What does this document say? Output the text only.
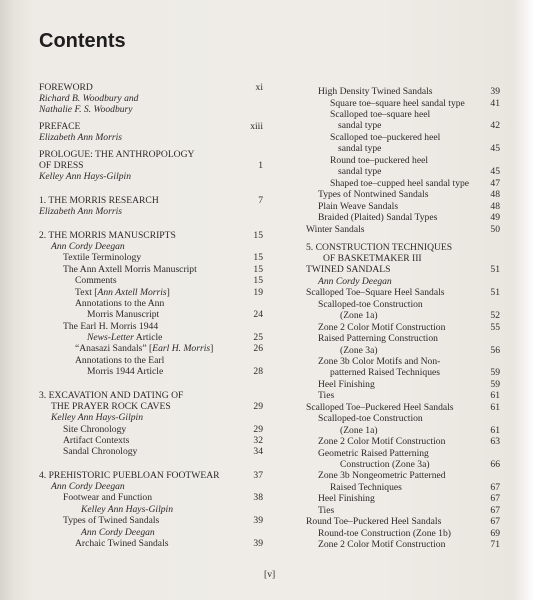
Contents
FOREWORD	xi
Richard B. Woodbury and
Nathalie F. S. Woodbury
PREFACE	xiii
Elizabeth Ann Morris
PROLOGUE: THE ANTHROPOLOGY
OF DRESS	1
Kelley Ann Hays-Gilpin
1. THE MORRIS RESEARCH	7
Elizabeth Ann Morris
2. THE MORRIS MANUSCRIPTS	15
Ann Cordy Deegan
Textile Terminology	15
The Ann Axtell Morris Manuscript	15
Comments	15
Text [Ann Axtell Morris]	19
Annotations to the Ann
Morris Manuscript	24
The Earl H. Morris 1944
News-Letter Article	25
“Anasazi Sandals” [Earl H. Morris]	26
Annotations to the Earl
Morris 1944 Article	28
3. EXCAVATION AND DATING OF
THE PRAYER ROCK CAVES	29
Kelley Ann Hays-Gilpin
Site Chronology	29
Artifact Contexts	32
Sandal Chronology	34
4. PREHISTORIC PUEBLOAN FOOTWEAR	37
Ann Cordy Deegan
Footwear and Function	38
Kelley Ann Hays-Gilpin
Types of Twined Sandals	39
Ann Cordy Deegan
Archaic Twined Sandals	39
High Density Twined Sandals	39
Square toe–square heel sandal type	41
Scalloped toe–square heel
sandal type	42
Scalloped toe–puckered heel
sandal type	45
Round toe–puckered heel
sandal type	45
Shaped toe–cupped heel sandal type 47
Types of Nontwined Sandals	48
Plain Weave Sandals	48
Braided (Plaited) Sandal Types	49
Winter Sandals	50
5. CONSTRUCTION TECHNIQUES
OF BASKETMAKER III
TWINED SANDALS	51
Ann Cordy Deegan
Scalloped Toe–Square Heel Sandals	51
Scalloped-toe Construction
(Zone 1a)	52
Zone 2 Color Motif Construction	55
Raised Patterning Construction
(Zone 3a)	56
Zone 3b Color Motifs and Non-
patterned Raised Techniques	59
Heel Finishing	59
Ties	61
Scalloped Toe–Puckered Heel Sandals	61
Scalloped-toe Construction
(Zone 1a)	61
Zone 2 Color Motif Construction	63
Geometric Raised Patterning
Construction (Zone 3a)	66
Zone 3b Nongeometric Patterned
Raised Techniques	67
Heel Finishing	67
Ties	67
Round Toe–Puckered Heel Sandals	67
Round-toe Construction (Zone 1b)	69
Zone 2 Color Motif Construction	71
[v]
